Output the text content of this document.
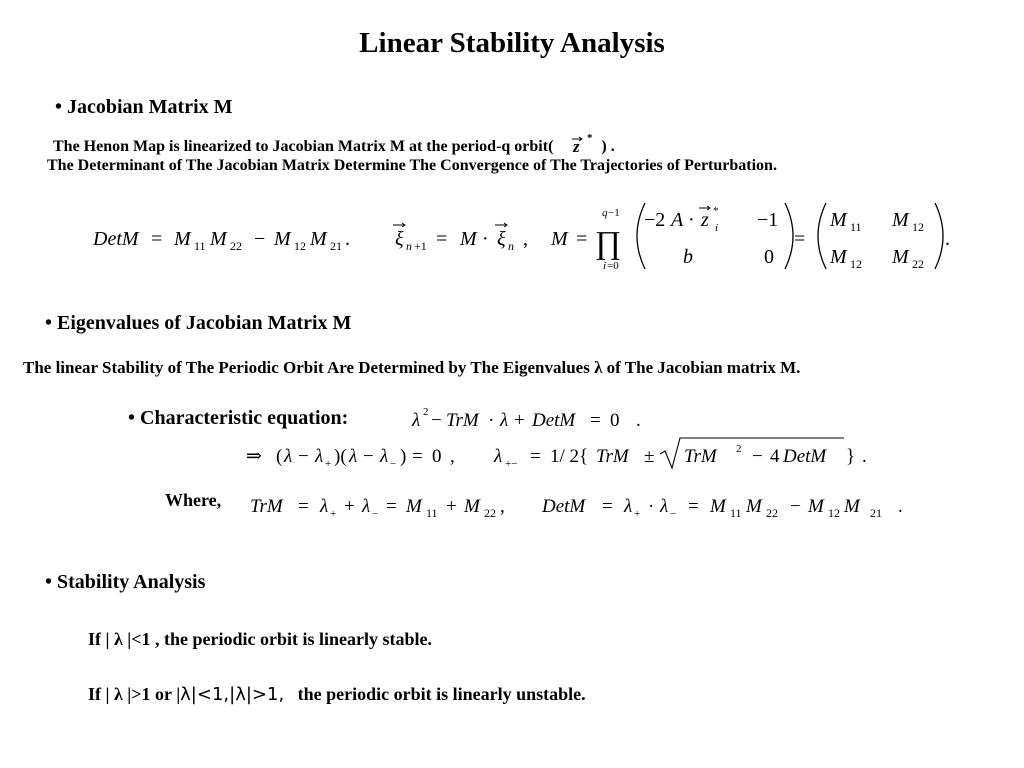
Linear Stability Analysis
• Jacobian Matrix M
The Henon Map is linearized to Jacobian Matrix M at the period-q orbit( z * ) .
The Determinant of The Jacobian Matrix Determine The Convergence of The Trajectories of Perturbation.
DetM = M 11 M 22 − M 12 M 21 . ξ n +1 = M · ξ n , M =
q −1
∏
i =0
−2 A · z *
i −1
b	0
=
M 11 M 12
M 12 M 22
.
• Eigenvalues of Jacobian Matrix M
The linear Stability of The Periodic Orbit Are Determined by The Eigenvalues λ of The Jacobian matrix M.
• Characteristic equation:	λ 2 − TrM · λ + DetM = 0 .
⇒ ( λ − λ + )( λ − λ − ) = 0 , λ +− = 1/ 2{ TrM ± TrM 2 − 4 DetM } .
Where, TrM = λ + + λ − = M 11 + M 22 , DetM = λ + · λ − = M 11 M 22 − M 12 M 21 .
• Stability Analysis
If | λ |<1 , the periodic orbit is linearly stable.
If | λ |>1 or |λ|<1,|λ|>1, the periodic orbit is linearly unstable.
